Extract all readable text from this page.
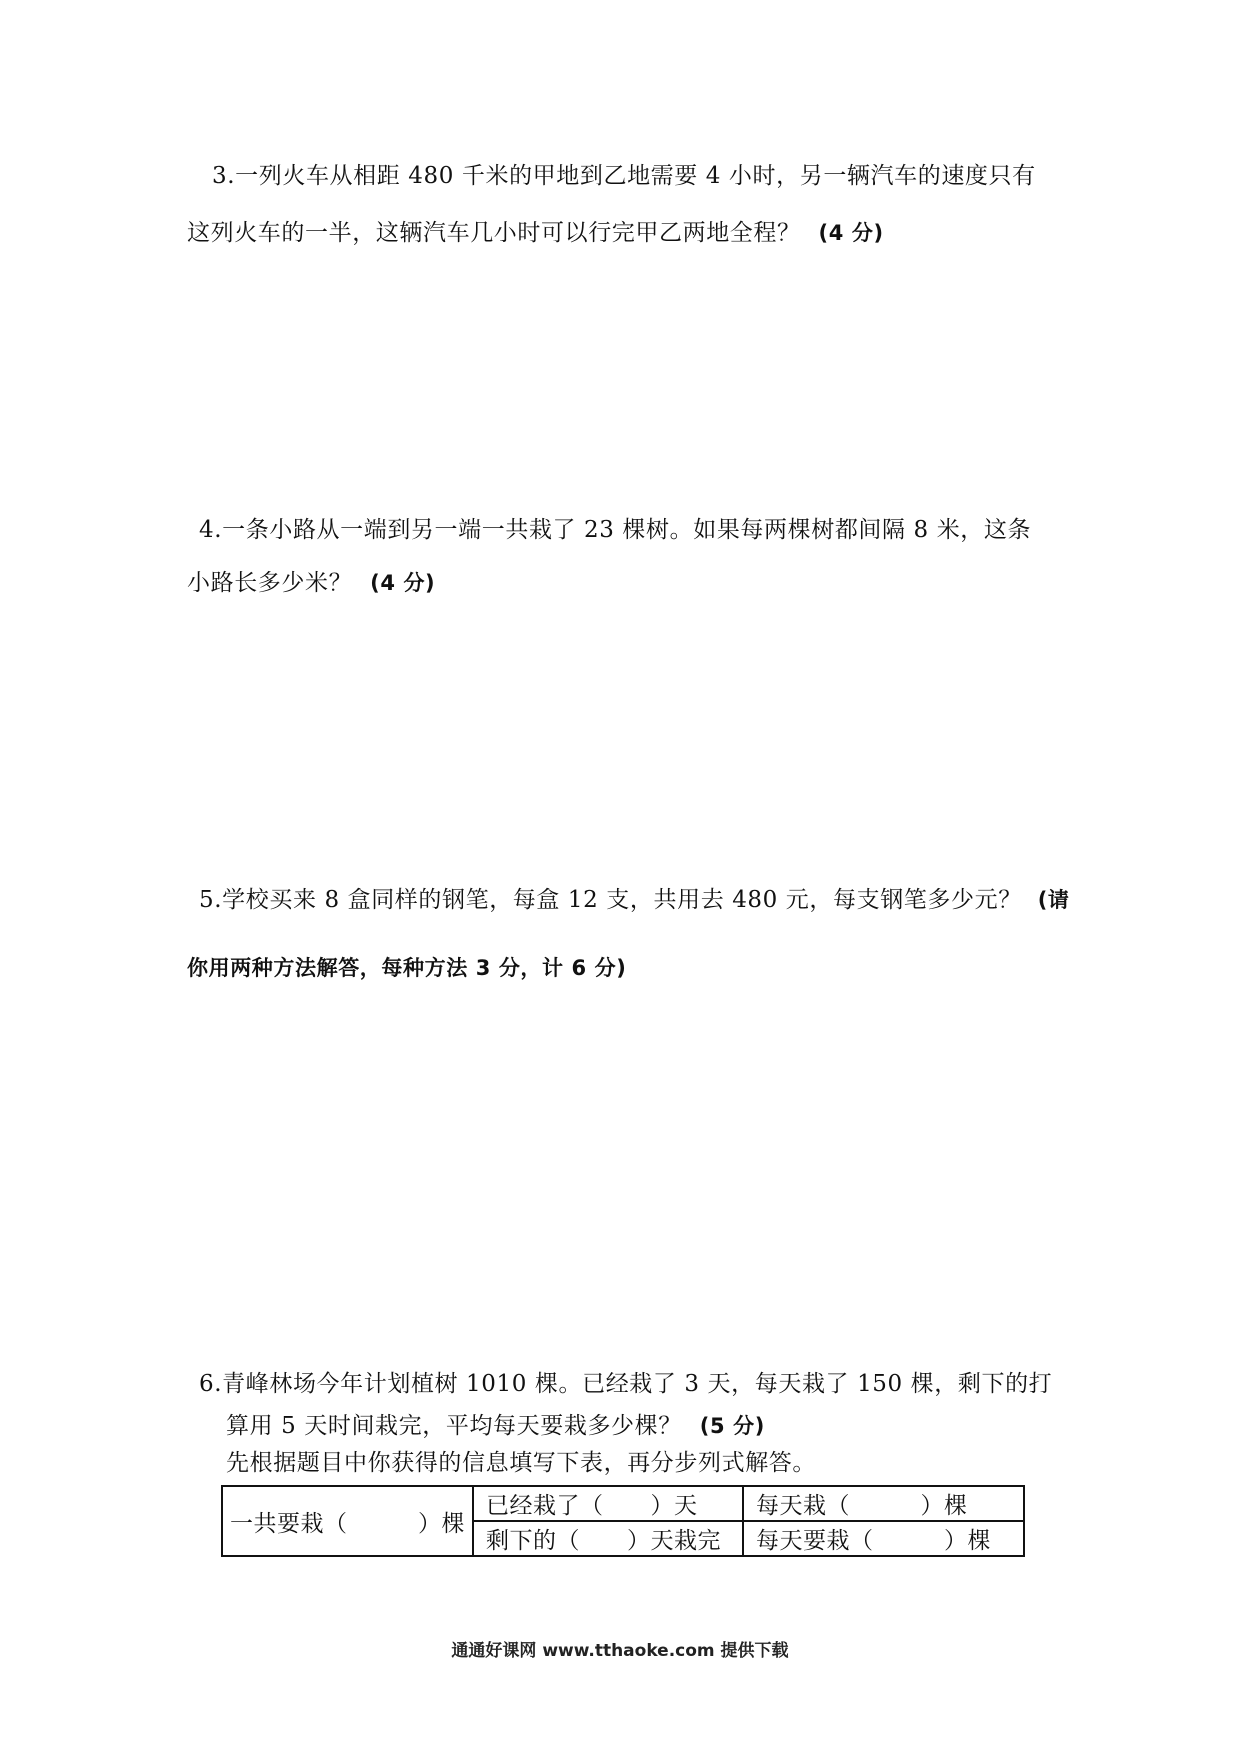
3.一列火车从相距 480 千米的甲地到乙地需要 4 小时，另一辆汽车的速度只有
这列火车的一半，这辆汽车几小时可以行完甲乙两地全程？ (4 分)
4.一条小路从一端到另一端一共栽了 23 棵树。如果每两棵树都间隔 8 米，这条
小路长多少米？ (4 分)
5.学校买来 8 盒同样的钢笔，每盒 12 支，共用去 480 元，每支钢笔多少元？ (请
你用两种方法解答，每种方法 3 分，计 6 分)
6.青峰林场今年计划植树 1010 棵。已经栽了 3 天，每天栽了 150 棵，剩下的打
算用 5 天时间栽完，平均每天要栽多少棵？ (5 分)
先根据题目中你获得的信息填写下表，再分步列式解答。
一共要栽（　　　）棵	已经栽了（　　）天	每天栽（　　　）棵
	剩下的（　　）天栽完	每天要栽（　　　）棵
通通好课网 www.tthaoke.com 提供下载
